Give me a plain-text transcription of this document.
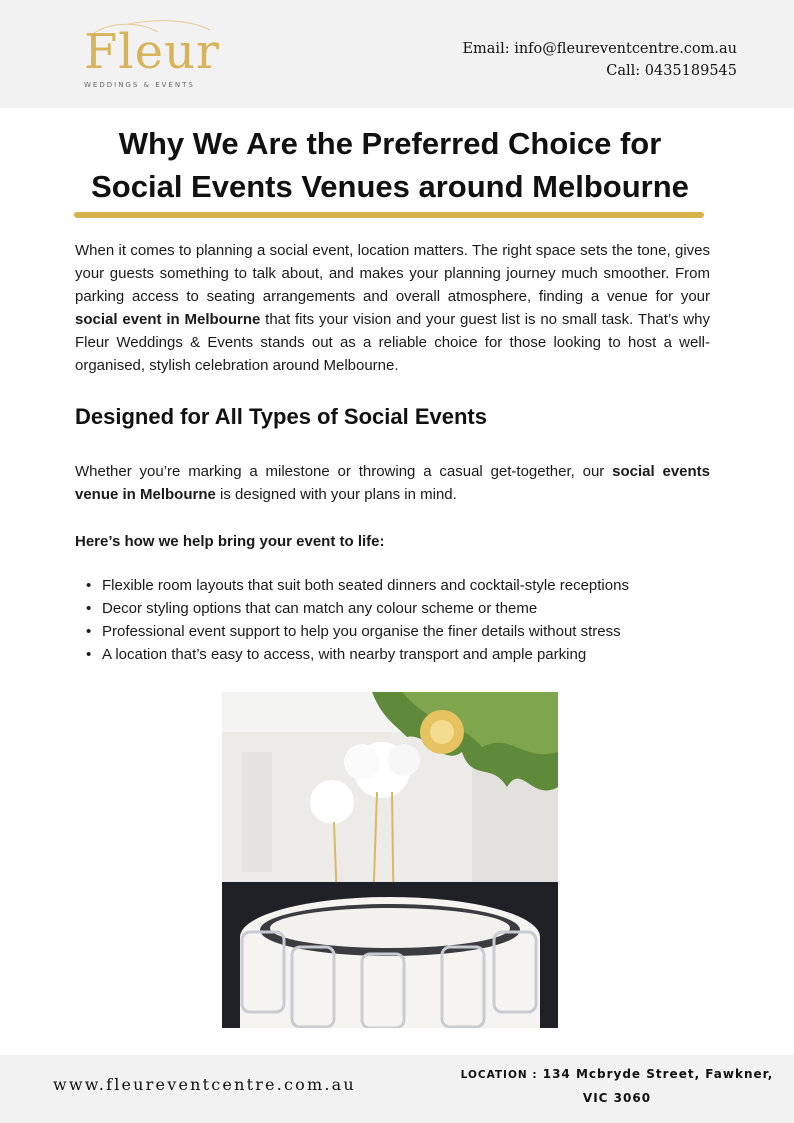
Fleur
WEDDINGS & EVENTS
Email: info@fleureventcentre.com.au
Call: 0435189545
Why We Are the Preferred Choice for
Social Events Venues around Melbourne
When it comes to planning a social event, location matters. The right space sets the tone, gives your guests something to talk about, and makes your planning journey much smoother. From parking access to seating arrangements and overall atmosphere, finding a venue for your social event in Melbourne that fits your vision and your guest list is no small task. That’s why Fleur Weddings & Events stands out as a reliable choice for those looking to host a well-organised, stylish celebration around Melbourne.
Designed for All Types of Social Events
Whether you’re marking a milestone or throwing a casual get-together, our social events venue in Melbourne is designed with your plans in mind.
Here’s how we help bring your event to life:
• Flexible room layouts that suit both seated dinners and cocktail-style receptions
• Decor styling options that can match any colour scheme or theme
• Professional event support to help you organise the finer details without stress
• A location that’s easy to access, with nearby transport and ample parking
www.fleureventcentre.com.au	LOCATION : 134 Mcbryde Street, Fawkner,
VIC 3060
